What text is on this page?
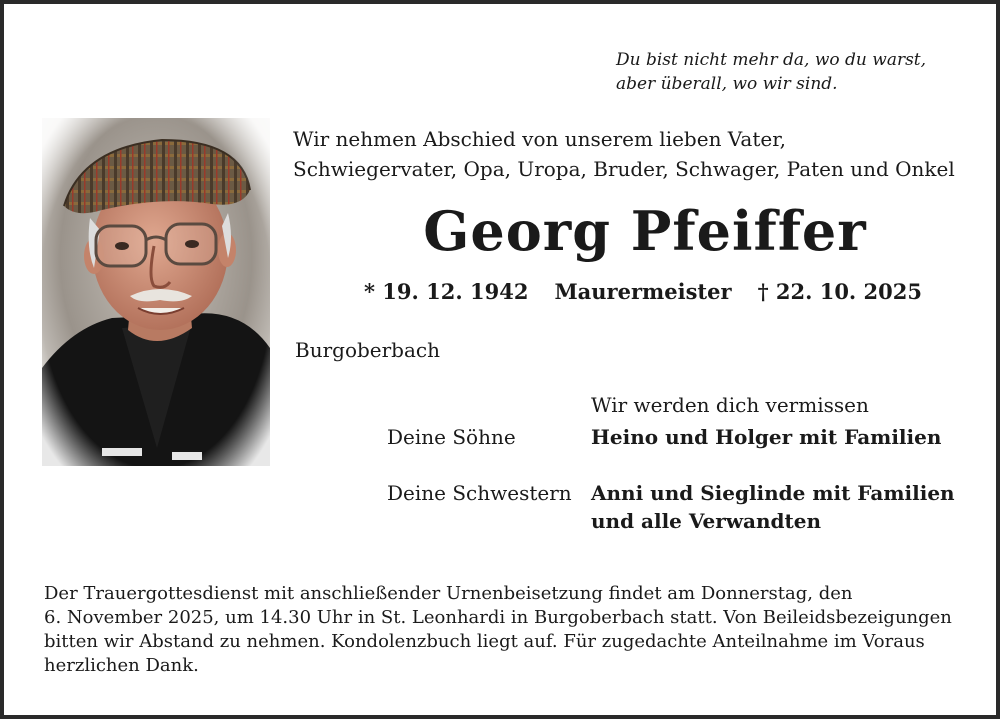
Du bist nicht mehr da, wo du warst,
aber überall, wo wir sind.
Wir nehmen Abschied von unserem lieben Vater,
Schwiegervater, Opa, Uropa, Bruder, Schwager, Paten und Onkel
Georg Pfeiffer
* 19. 12. 1942 Maurermeister † 22. 10. 2025
Burgoberbach
Wir werden dich vermissen
Deine Söhne	Heino und Holger mit Familien
Deine Schwestern Anni und Sieglinde mit Familien
und alle Verwandten
Der Trauergottesdienst mit anschließender Urnenbeisetzung findet am Donnerstag, den
6. November 2025, um 14.30 Uhr in St. Leonhardi in Burgoberbach statt. Von Beileidsbezeigungen
bitten wir Abstand zu nehmen. Kondolenzbuch liegt auf. Für zugedachte Anteilnahme im Voraus
herzlichen Dank.
